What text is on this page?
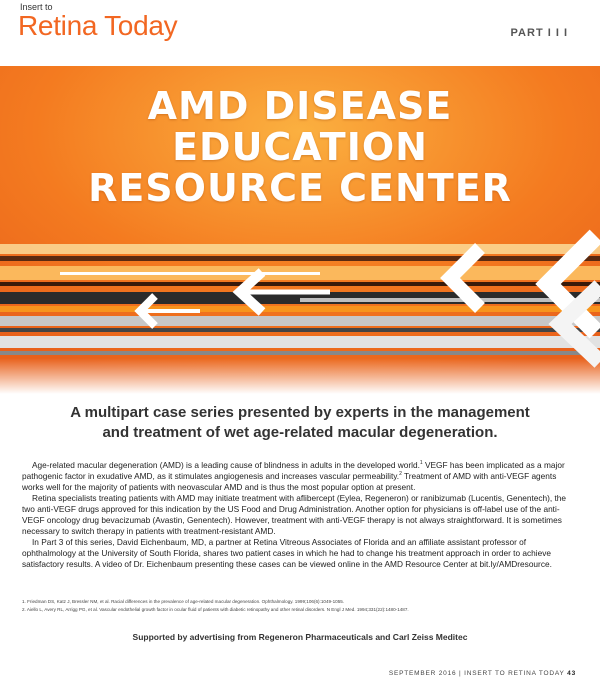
Insert to
Retina Today	PART I I I
AMD DISEASE
EDUCATION
RESOURCE CENTER
A multipart case series presented by experts in the management
and treatment of wet age-related macular degeneration.

Age-related macular degeneration (AMD) is a leading cause of blindness in adults in the developed world.$^1$ VEGF has been implicated as a major pathogenic factor in exudative AMD, as it stimulates angiogenesis and increases vascular permeability.$^2$ Treatment of AMD with anti-VEGF agents works well for the majority of patients with neovascular AMD and is thus the most popular option at present.

Retina specialists treating patients with AMD may initiate treatment with aflibercept (Eylea, Regeneron) or ranibizumab (Lucentis, Genentech), the two anti-VEGF drugs approved for this indication by the US Food and Drug Administration. Another option for physicians is off-label use of the anti-VEGF oncology drug bevacizumab (Avastin, Genentech). However, treatment with anti-VEGF therapy is not always straightforward. It is sometimes necessary to switch therapy in patients with treatment-resistant AMD.

In Part 3 of this series, David Eichenbaum, MD, a partner at Retina Vitreous Associates of Florida and an affiliate assistant professor of ophthalmology at the University of South Florida, shares two patient cases in which he had to change his treatment approach in order to achieve satisfactory results. A video of Dr. Eichenbaum presenting these cases can be viewed online in the AMD Resource Center at bit.ly/AMDresource.

1. Friedman DS, Katz J, Bressler NM, et al. Racial differences in the prevalence of age-related macular degeneration. Ophthalmology. 1999;106(6):1049-1055.
2. Aiello L, Avery RL, Arrigg PG, et al. Vascular endothelial growth factor in ocular fluid of patients with diabetic retinopathy and other retinal disorders. N Engl J Med. 1994;331(22):1480-1487.
Supported by advertising from Regeneron Pharmaceuticals and Carl Zeiss Meditec
SEPTEMBER 2016 | INSERT TO RETINA TODAY 43
